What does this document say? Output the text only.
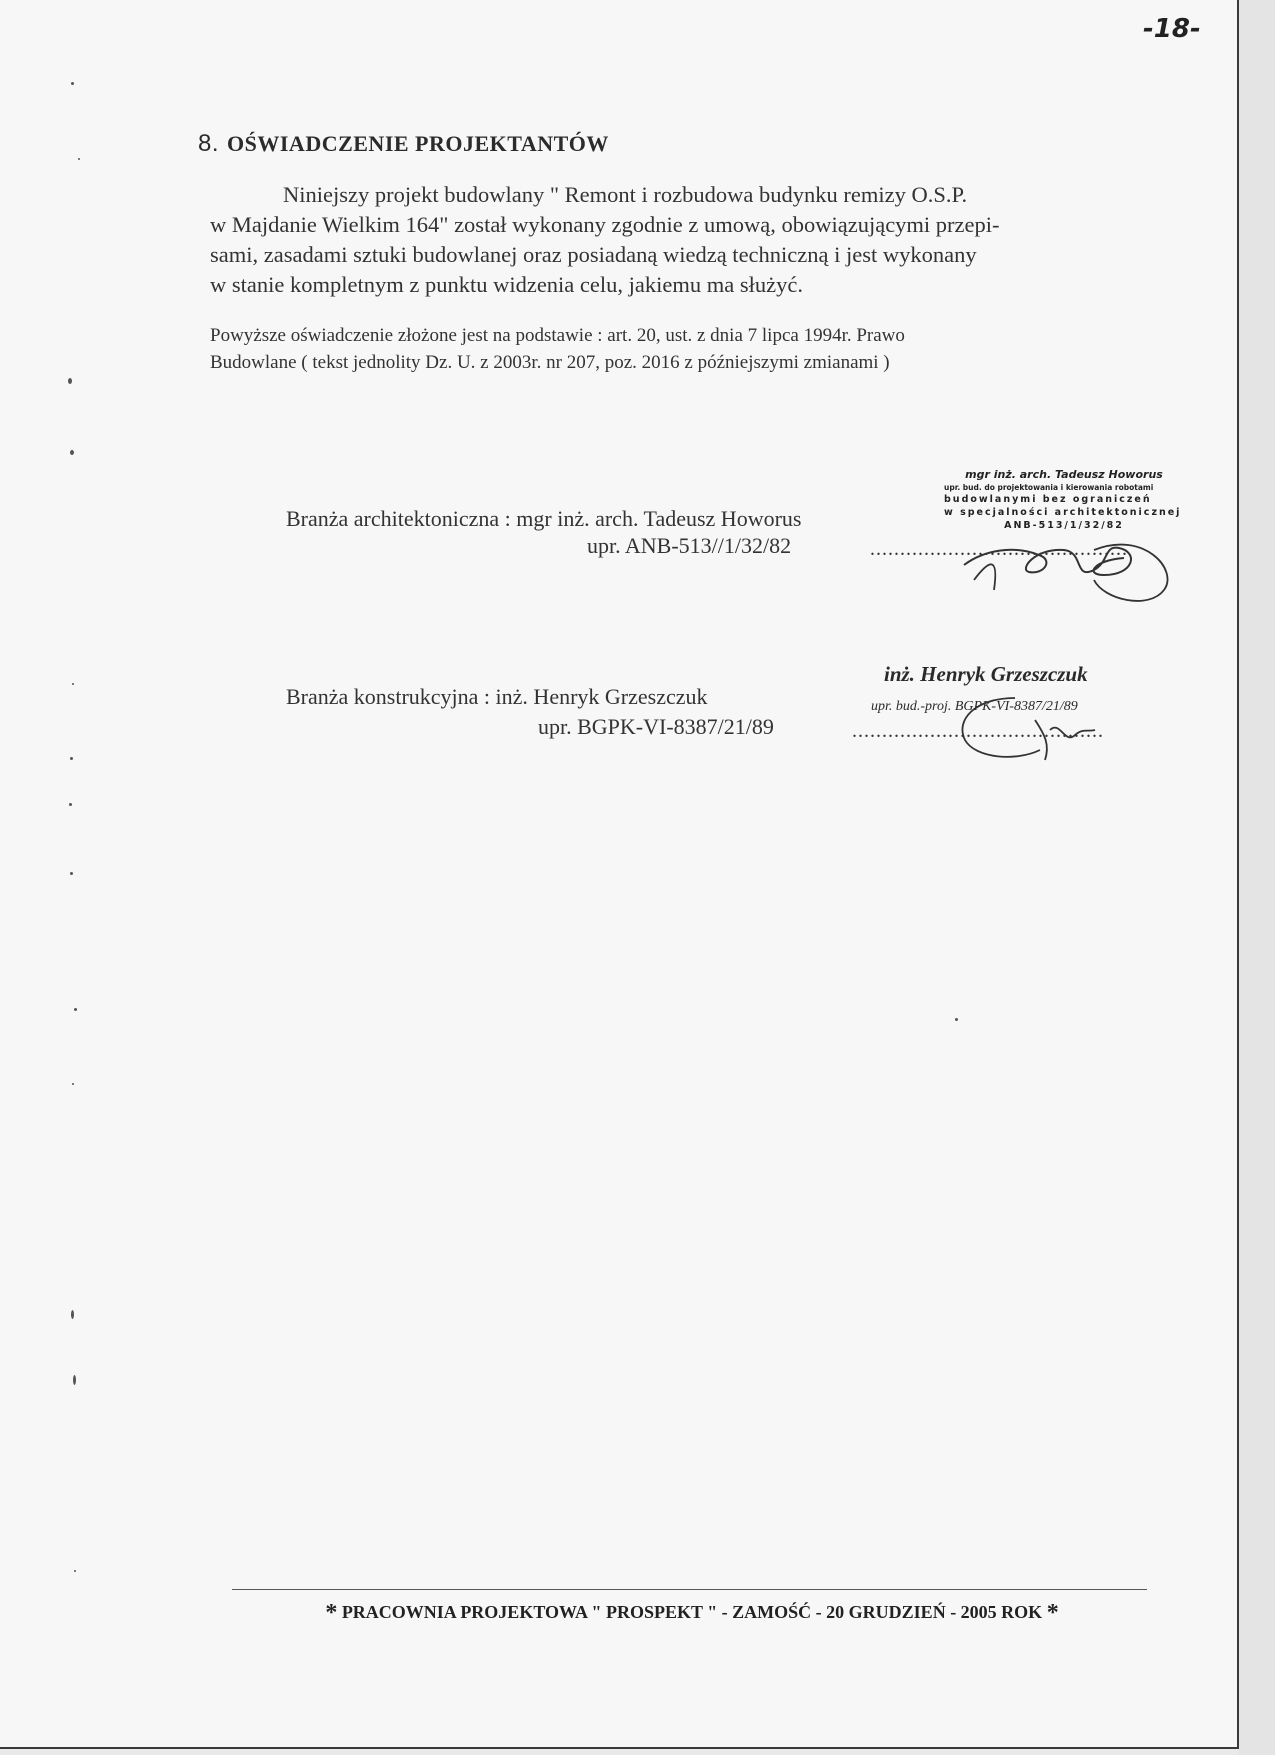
-18-
8. OŚWIADCZENIE PROJEKTANTÓW
Niniejszy projekt budowlany " Remont i rozbudowa budynku remizy O.S.P.
w Majdanie Wielkim 164" został wykonany zgodnie z umową, obowiązującymi przepi-
sami, zasadami sztuki budowlanej oraz posiadaną wiedzą techniczną i jest wykonany
w stanie kompletnym z punktu widzenia celu, jakiemu ma służyć.
Powyższe oświadczenie złożone jest na podstawie : art. 20, ust. z dnia 7 lipca 1994r. Prawo
Budowlane ( tekst jednolity Dz. U. z 2003r. nr 207, poz. 2016 z późniejszymi zmianami )
Branża architektoniczna : mgr inż. arch. Tadeusz Howorus
upr. ANB-513//1/32/82	...........................................
mgr inż. arch. Tadeusz Howorus
upr. bud. do projektowania i kierowania robotami
budowlanymi bez ograniczeń
w specjalności architektonicznej
ANB-513/1/32/82
Branża konstrukcyjna : inż. Henryk Grzeszczuk
upr. BGPK-VI-8387/21/89	..........................................
inż. Henryk Grzeszczuk
upr. bud.-proj. BGPK-VI-8387/21/89
* PRACOWNIA PROJEKTOWA " PROSPEKT " - ZAMOŚĆ - 20 GRUDZIEŃ - 2005 ROK *
